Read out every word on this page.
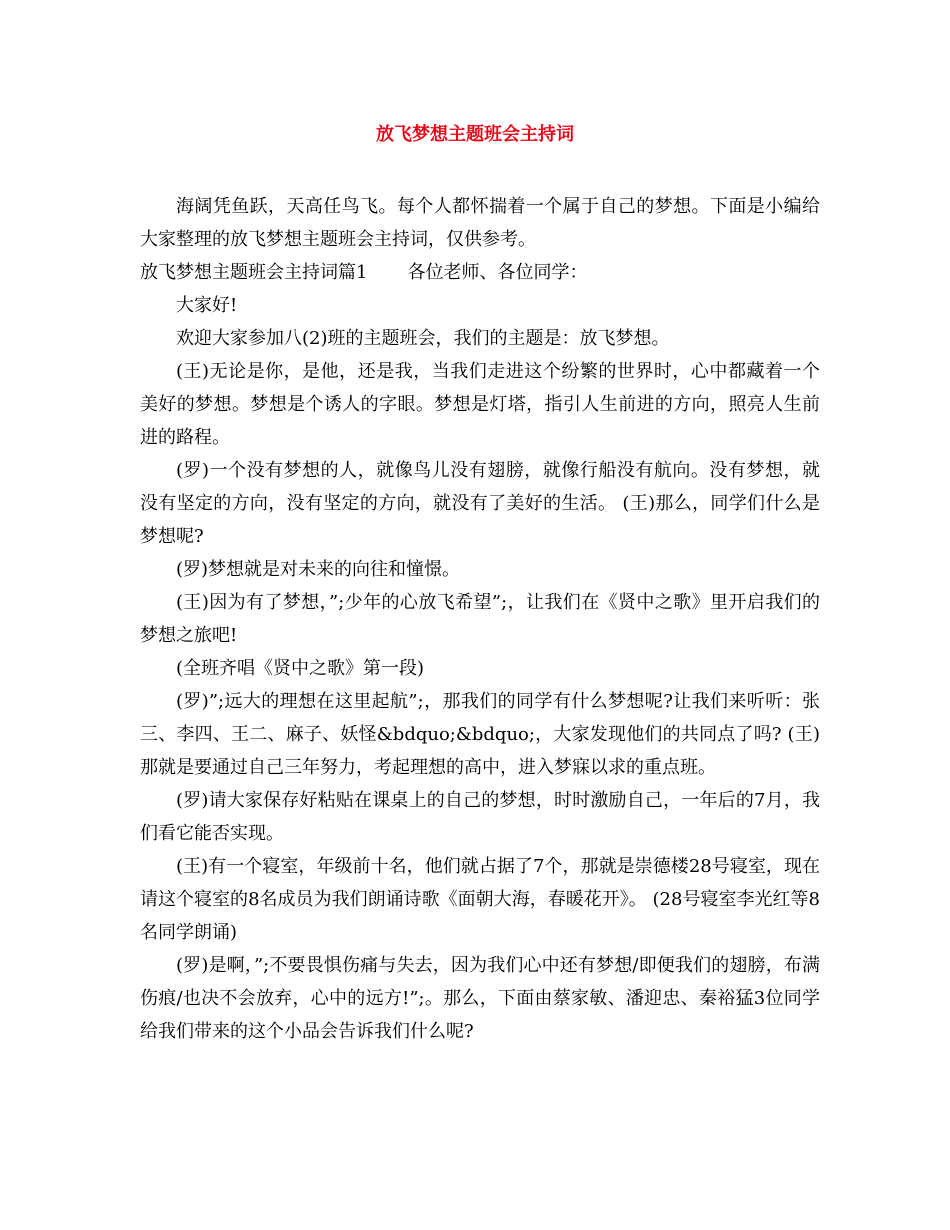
放飞梦想主题班会主持词

海阔凭鱼跃，天高任鸟飞。每个人都怀揣着一个属于自己的梦想。下面是小编给大家整理的放飞梦想主题班会主持词，仅供参考。

放飞梦想主题班会主持词篇1 各位老师、各位同学：

大家好!

欢迎大家参加八(2)班的主题班会，我们的主题是：放飞梦想。

(王)无论是你，是他，还是我，当我们走进这个纷繁的世界时，心中都藏着一个美好的梦想。梦想是个诱人的字眼。梦想是灯塔，指引人生前进的方向，照亮人生前进的路程。

(罗)一个没有梦想的人，就像鸟儿没有翅膀，就像行船没有航向。没有梦想，就没有坚定的方向，没有坚定的方向，就没有了美好的生活。 (王)那么，同学们什么是梦想呢?

(罗)梦想就是对未来的向往和憧憬。

(王)因为有了梦想，”;少年的心放飞希望”;，让我们在《贤中之歌》里开启我们的梦想之旅吧!

(全班齐唱《贤中之歌》第一段)

(罗)”;远大的理想在这里起航”;，那我们的同学有什么梦想呢?让我们来听听：张三、李四、王二、麻子、妖怪&bdquo;&bdquo;，大家发现他们的共同点了吗? (王)那就是要通过自己三年努力，考起理想的高中，进入梦寐以求的重点班。

(罗)请大家保存好粘贴在课桌上的自己的梦想，时时激励自己，一年后的7月，我们看它能否实现。

(王)有一个寝室，年级前十名，他们就占据了7个，那就是崇德楼28号寝室，现在请这个寝室的8名成员为我们朗诵诗歌《面朝大海，春暖花开》。 (28号寝室李光红等8名同学朗诵)

(罗)是啊，”;不要畏惧伤痛与失去，因为我们心中还有梦想/即便我们的翅膀，布满伤痕/也决不会放弃，心中的远方!”;。那么，下面由蔡家敏、潘迎忠、秦裕猛3位同学给我们带来的这个小品会告诉我们什么呢?
